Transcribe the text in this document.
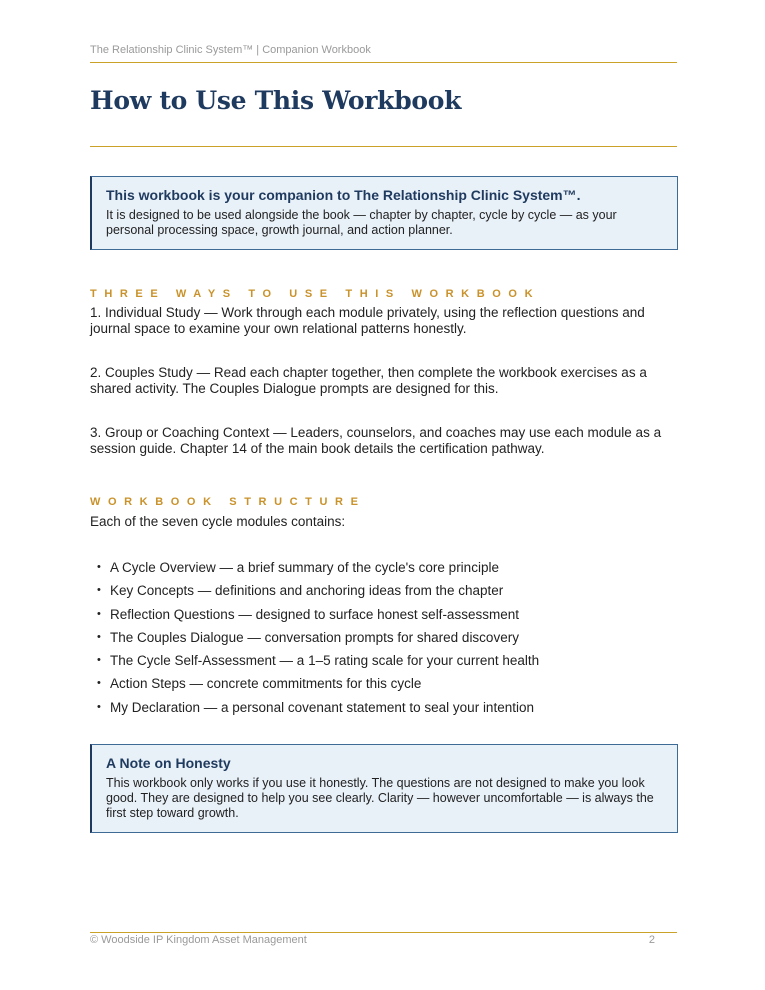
The Relationship Clinic System™ | Companion Workbook
How to Use This Workbook

This workbook is your companion to The Relationship Clinic System™.

It is designed to be used alongside the book — chapter by chapter, cycle by cycle — as your personal processing space, growth journal, and action planner.

THREE WAYS TO USE THIS WORKBOOK

1. Individual Study — Work through each module privately, using the reflection questions and journal space to examine your own relational patterns honestly.

2. Couples Study — Read each chapter together, then complete the workbook exercises as a shared activity. The Couples Dialogue prompts are designed for this.

3. Group or Coaching Context — Leaders, counselors, and coaches may use each module as a session guide. Chapter 14 of the main book details the certification pathway.

WORKBOOK STRUCTURE

Each of the seven cycle modules contains:

• A Cycle Overview — a brief summary of the cycle's core principle
• Key Concepts — definitions and anchoring ideas from the chapter
• Reflection Questions — designed to surface honest self-assessment
• The Couples Dialogue — conversation prompts for shared discovery
• The Cycle Self-Assessment — a 1–5 rating scale for your current health
• Action Steps — concrete commitments for this cycle
• My Declaration — a personal covenant statement to seal your intention

A Note on Honesty

This workbook only works if you use it honestly. The questions are not designed to make you look good. They are designed to help you see clearly. Clarity — however uncomfortable — is always the first step toward growth.

© Woodside IP Kingdom Asset Management	2
